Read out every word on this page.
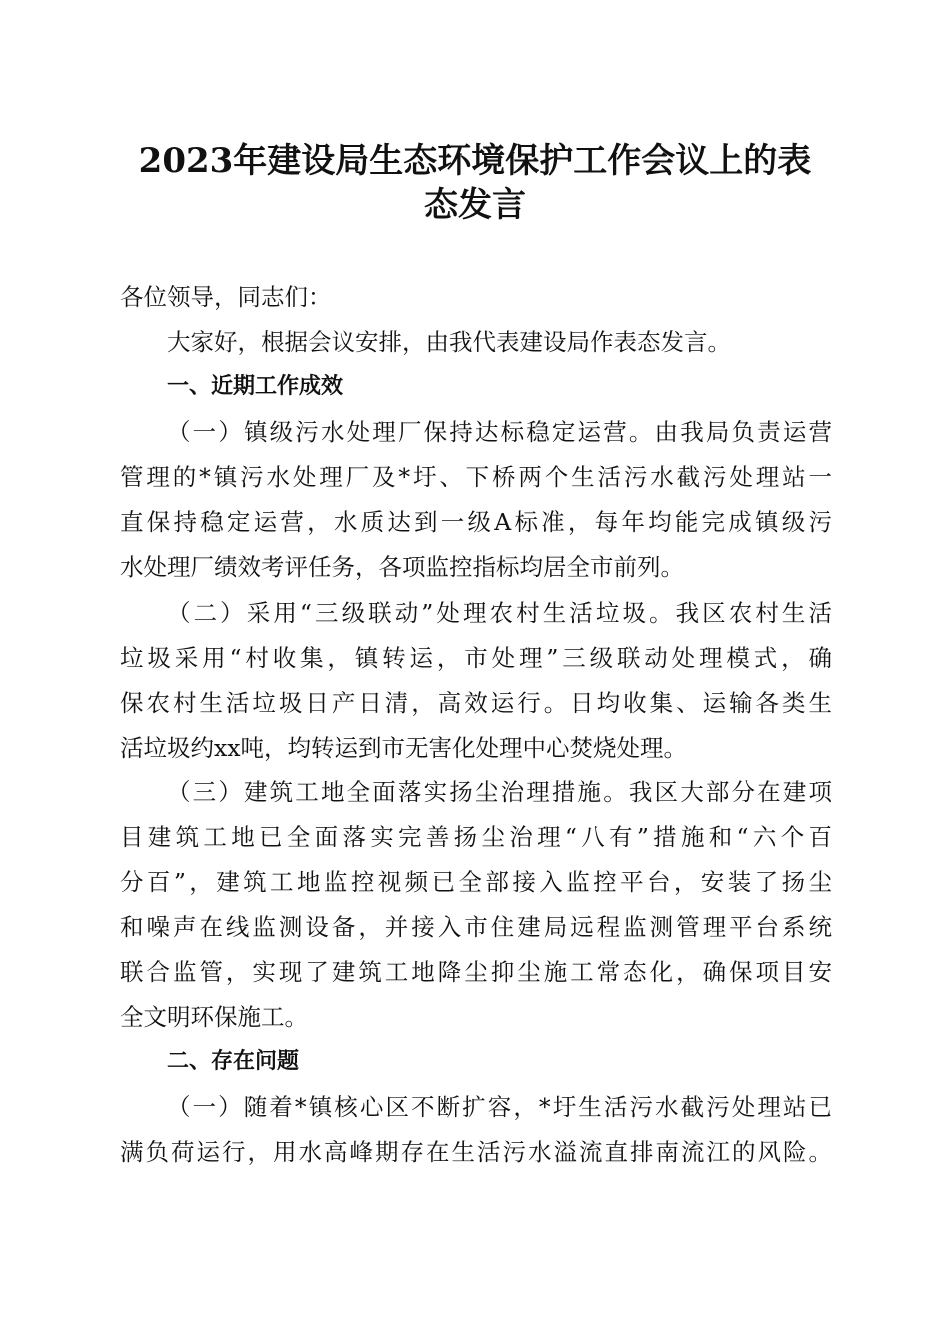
2023年建设局生态环境保护工作会议上的表
态发言

各位领导，同志们：

大家好，根据会议安排，由我代表建设局作表态发言。

一、近期工作成效

（一）镇级污水处理厂保持达标稳定运营。由我局负责运营

管理的*镇污水处理厂及*圩、下桥两个生活污水截污处理站一

直保持稳定运营，水质达到一级A标准，每年均能完成镇级污

水处理厂绩效考评任务，各项监控指标均居全市前列。

（二）采用“三级联动”处理农村生活垃圾。我区农村生活

垃圾采用“村收集，镇转运，市处理”三级联动处理模式，确

保农村生活垃圾日产日清，高效运行。日均收集、运输各类生

活垃圾约xx吨，均转运到市无害化处理中心焚烧处理。

（三）建筑工地全面落实扬尘治理措施。我区大部分在建项

目建筑工地已全面落实完善扬尘治理“八有”措施和“六个百

分百”，建筑工地监控视频已全部接入监控平台，安装了扬尘

和噪声在线监测设备，并接入市住建局远程监测管理平台系统

联合监管，实现了建筑工地降尘抑尘施工常态化，确保项目安

全文明环保施工。

二、存在问题

（一）随着*镇核心区不断扩容，*圩生活污水截污处理站已

满负荷运行，用水高峰期存在生活污水溢流直排南流江的风险。
